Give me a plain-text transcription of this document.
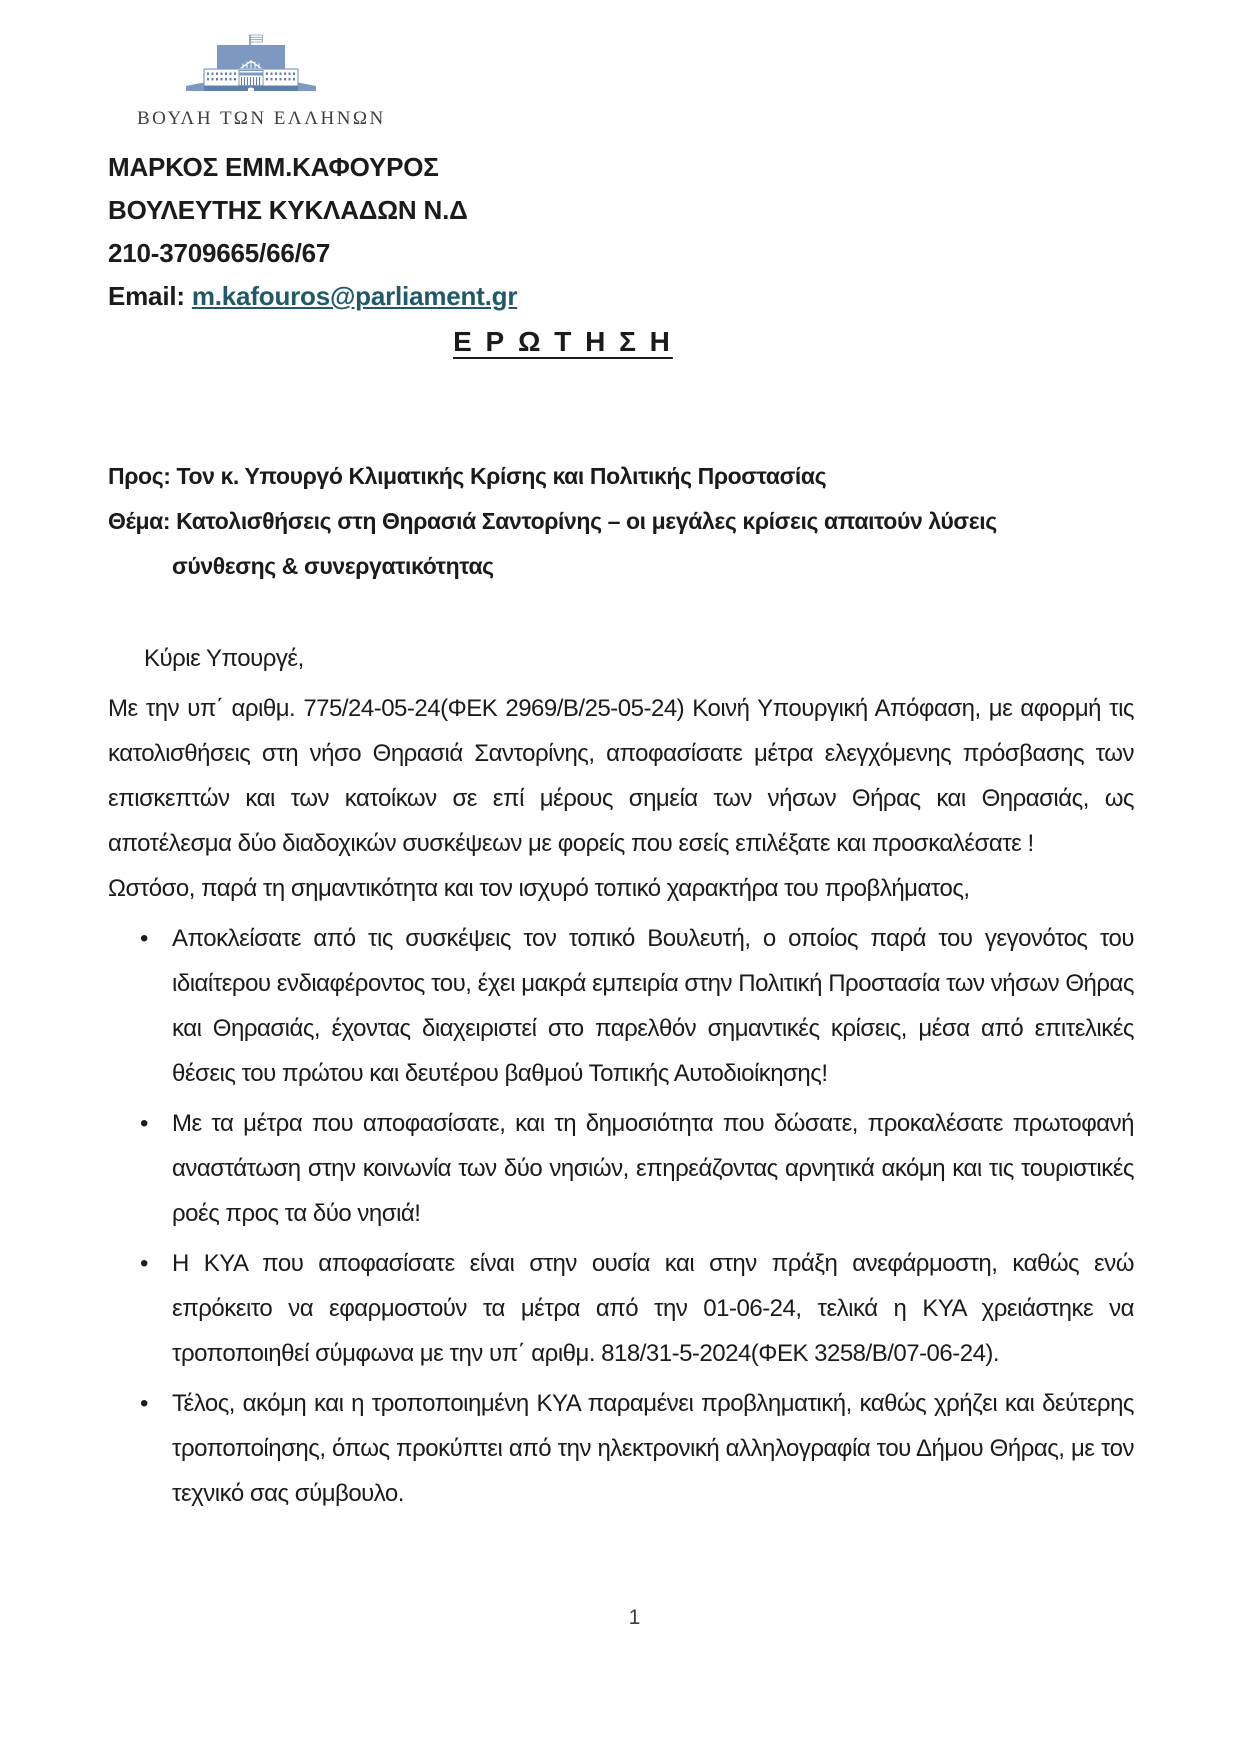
ΒΟΥΛΗ ΤΩΝ ΕΛΛΗΝΩΝ
ΜΑΡΚΟΣ ΕΜΜ.ΚΑΦΟΥΡΟΣ
ΒΟΥΛΕΥΤΗΣ ΚΥΚΛΑΔΩΝ Ν.Δ
210-3709665/66/67
Email: m.kafouros@parliament.gr
Ε Ρ Ω Τ Η Σ Η
Προς: Τον κ. Υπουργό Κλιματικής Κρίσης και Πολιτικής Προστασίας
Θέμα: Κατολισθήσεις στη Θηρασιά Σαντορίνης – οι μεγάλες κρίσεις απαιτούν λύσεις
σύνθεσης & συνεργατικότητας

Κύριε Υπουργέ,

Με την υπ΄ αριθμ. 775/24-05-24(ΦΕΚ 2969/Β/25-05-24) Κοινή Υπουργική Απόφαση, με αφορμή τις κατολισθήσεις στη νήσο Θηρασιά Σαντορίνης, αποφασίσατε μέτρα ελεγχόμενης πρόσβασης των επισκεπτών και των κατοίκων σε επί μέρους σημεία των νήσων Θήρας και Θηρασιάς, ως αποτέλεσμα δύο διαδοχικών συσκέψεων με φορείς που εσείς επιλέξατε και προσκαλέσατε !

Ωστόσο, παρά τη σημαντικότητα και τον ισχυρό τοπικό χαρακτήρα του προβλήματος,

• Αποκλείσατε από τις συσκέψεις τον τοπικό Βουλευτή, ο οποίος παρά του γεγονότος του ιδιαίτερου ενδιαφέροντος του, έχει μακρά εμπειρία στην Πολιτική Προστασία των νήσων Θήρας και Θηρασιάς, έχοντας διαχειριστεί στο παρελθόν σημαντικές κρίσεις, μέσα από επιτελικές θέσεις του πρώτου και δευτέρου βαθμού Τοπικής Αυτοδιοίκησης!
• Με τα μέτρα που αποφασίσατε, και τη δημοσιότητα που δώσατε, προκαλέσατε πρωτοφανή αναστάτωση στην κοινωνία των δύο νησιών, επηρεάζοντας αρνητικά ακόμη και τις τουριστικές ροές προς τα δύο νησιά!
• Η ΚΥΑ που αποφασίσατε είναι στην ουσία και στην πράξη ανεφάρμοστη, καθώς ενώ επρόκειτο να εφαρμοστούν τα μέτρα από την 01-06-24, τελικά η ΚΥΑ χρειάστηκε να τροποποιηθεί σύμφωνα με την υπ΄ αριθμ. 818/31-5-2024(ΦΕΚ 3258/Β/07-06-24).
• Τέλος, ακόμη και η τροποποιημένη ΚΥΑ παραμένει προβληματική, καθώς χρήζει και δεύτερης τροποποίησης, όπως προκύπτει από την ηλεκτρονική αλληλογραφία του Δήμου Θήρας, με τον τεχνικό σας σύμβουλο.
1
